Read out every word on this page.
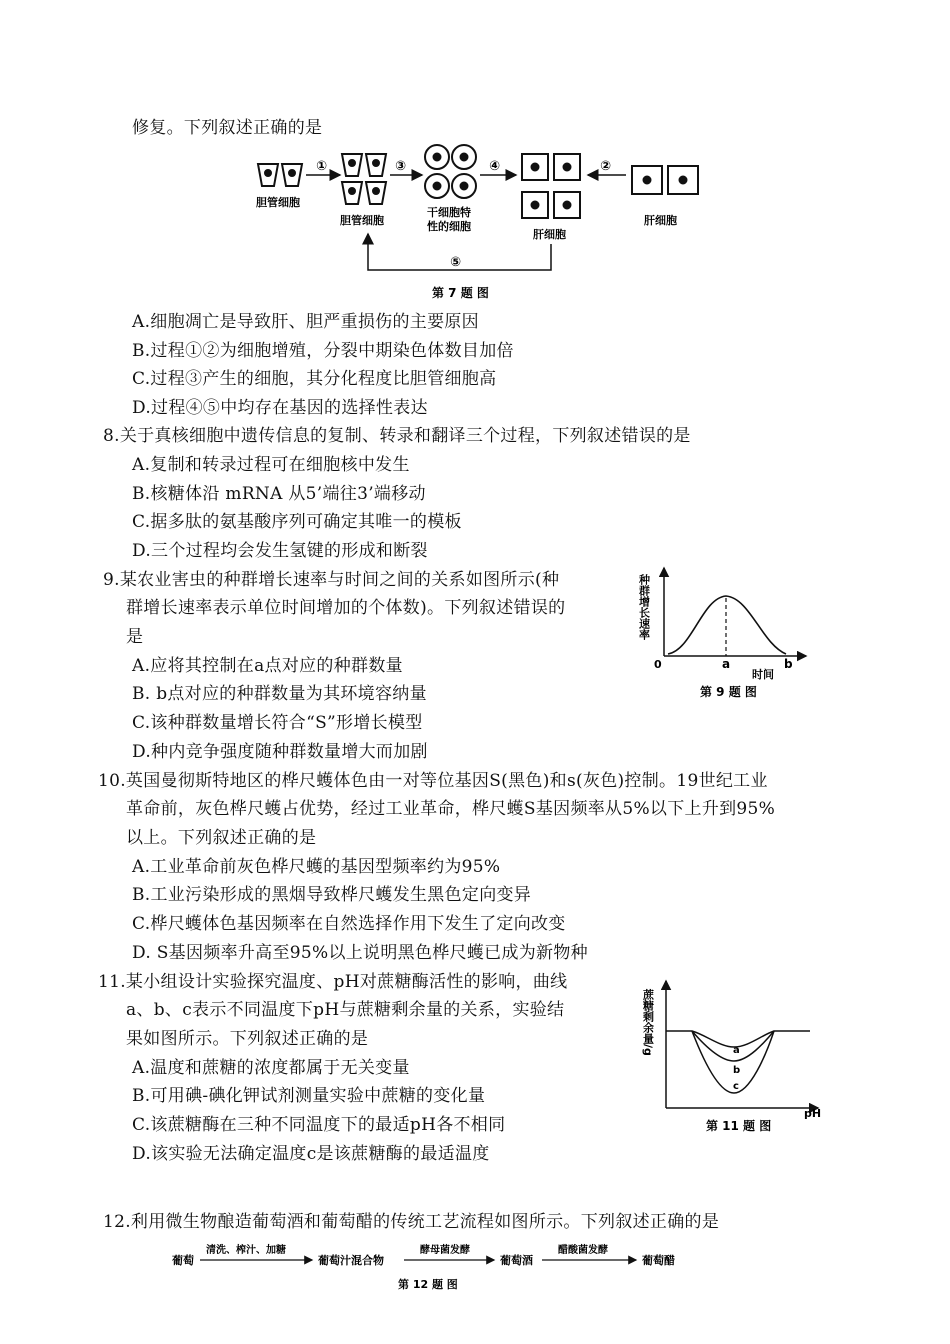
修复。下列叙述正确的是
胆管细胞
①
胆管细胞
③
干细胞特
性的细胞
④
肝细胞
②
肝细胞
⑤
第 7 题 图
A.细胞凋亡是导致肝、胆严重损伤的主要原因
B.过程①②为细胞增殖，分裂中期染色体数目加倍
C.过程③产生的细胞，其分化程度比胆管细胞高
D.过程④⑤中均存在基因的选择性表达
8.关于真核细胞中遗传信息的复制、转录和翻译三个过程，下列叙述错误的是
A.复制和转录过程可在细胞核中发生
B.核糖体沿 mRNA 从5’端往3’端移动
C.据多肽的氨基酸序列可确定其唯一的模板
D.三个过程均会发生氢键的形成和断裂
9.某农业害虫的种群增长速率与时间之间的关系如图所示(种
群增长速率表示单位时间增加的个体数)。下列叙述错误的
是
A.应将其控制在a点对应的种群数量
B. b点对应的种群数量为其环境容纳量
C.该种群数量增长符合“S”形增长模型
D.种内竞争强度随种群数量增大而加剧
种群增长速率
0	a
时间
b
第 9 题 图
10.英国曼彻斯特地区的桦尺蠖体色由一对等位基因S(黑色)和s(灰色)控制。19世纪工业
革命前，灰色桦尺蠖占优势，经过工业革命，桦尺蠖S基因频率从5%以下上升到95%
以上。下列叙述正确的是
A.工业革命前灰色桦尺蠖的基因型频率约为95%
B.工业污染形成的黑烟导致桦尺蠖发生黑色定向变异
C.桦尺蠖体色基因频率在自然选择作用下发生了定向改变
D. S基因频率升高至95%以上说明黑色桦尺蠖已成为新物种
11.某小组设计实验探究温度、pH对蔗糖酶活性的影响，曲线
a、b、c表示不同温度下pH与蔗糖剩余量的关系，实验结
果如图所示。下列叙述正确的是
A.温度和蔗糖的浓度都属于无关变量
B.可用碘-碘化钾试剂测量实验中蔗糖的变化量
C.该蔗糖酶在三种不同温度下的最适pH各不相同
D.该实验无法确定温度c是该蔗糖酶的最适温度
a
b
c
蔗糖剩余量/g
pH
第 11 题 图
12.利用微生物酿造葡萄酒和葡萄醋的传统工艺流程如图所示。下列叙述正确的是
葡萄
清洗、榨汁、加糖
葡萄汁混合物
酵母菌发酵
葡萄酒
醋酸菌发酵
葡萄醋
第 12 题 图
